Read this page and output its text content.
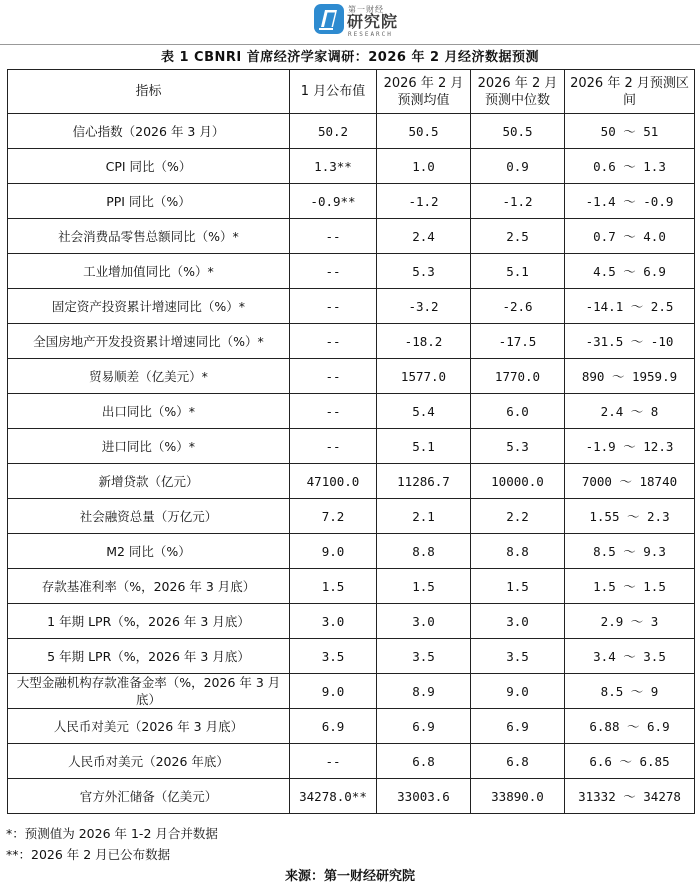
第一财经
研究院
RESEARCH
表 1 CBNRI 首席经济学家调研：2026 年 2 月经济数据预测
指标	1 月公布值	2026 年 2 月预测均值	2026 年 2 月预测中位数	2026 年 2 月预测区间
信心指数（2026 年 3 月）	50.2	50.5	50.5	50 ～ 51
CPI 同比（%）	1.3**	1.0	0.9	0.6 ～ 1.3
PPI 同比（%）	-0.9**	-1.2	-1.2	-1.4 ～ -0.9
社会消费品零售总额同比（%）*	--	2.4	2.5	0.7 ～ 4.0
工业增加值同比（%）*	--	5.3	5.1	4.5 ～ 6.9
固定资产投资累计增速同比（%）*	--	-3.2	-2.6	-14.1 ～ 2.5
全国房地产开发投资累计增速同比（%）*	--	-18.2	-17.5	-31.5 ～ -10
贸易顺差（亿美元）*	--	1577.0	1770.0	890 ～ 1959.9
出口同比（%）*	--	5.4	6.0	2.4 ～ 8
进口同比（%）*	--	5.1	5.3	-1.9 ～ 12.3
新增贷款（亿元）	47100.0	11286.7	10000.0	7000 ～ 18740
社会融资总量（万亿元）	7.2	2.1	2.2	1.55 ～ 2.3
M2 同比（%）	9.0	8.8	8.8	8.5 ～ 9.3
存款基准利率（%，2026 年 3 月底）	1.5	1.5	1.5	1.5 ～ 1.5
1 年期 LPR（%，2026 年 3 月底）	3.0	3.0	3.0	2.9 ～ 3
5 年期 LPR（%，2026 年 3 月底）	3.5	3.5	3.5	3.4 ～ 3.5
大型金融机构存款准备金率（%，2026 年 3 月底）	9.0	8.9	9.0	8.5 ～ 9
人民币对美元（2026 年 3 月底）	6.9	6.9	6.9	6.88 ～ 6.9
人民币对美元（2026 年底）	--	6.8	6.8	6.6 ～ 6.85
官方外汇储备（亿美元）	34278.0**	33003.6	33890.0	31332 ～ 34278
*：预测值为 2026 年 1-2 月合并数据
**：2026 年 2 月已公布数据
来源：第一财经研究院
